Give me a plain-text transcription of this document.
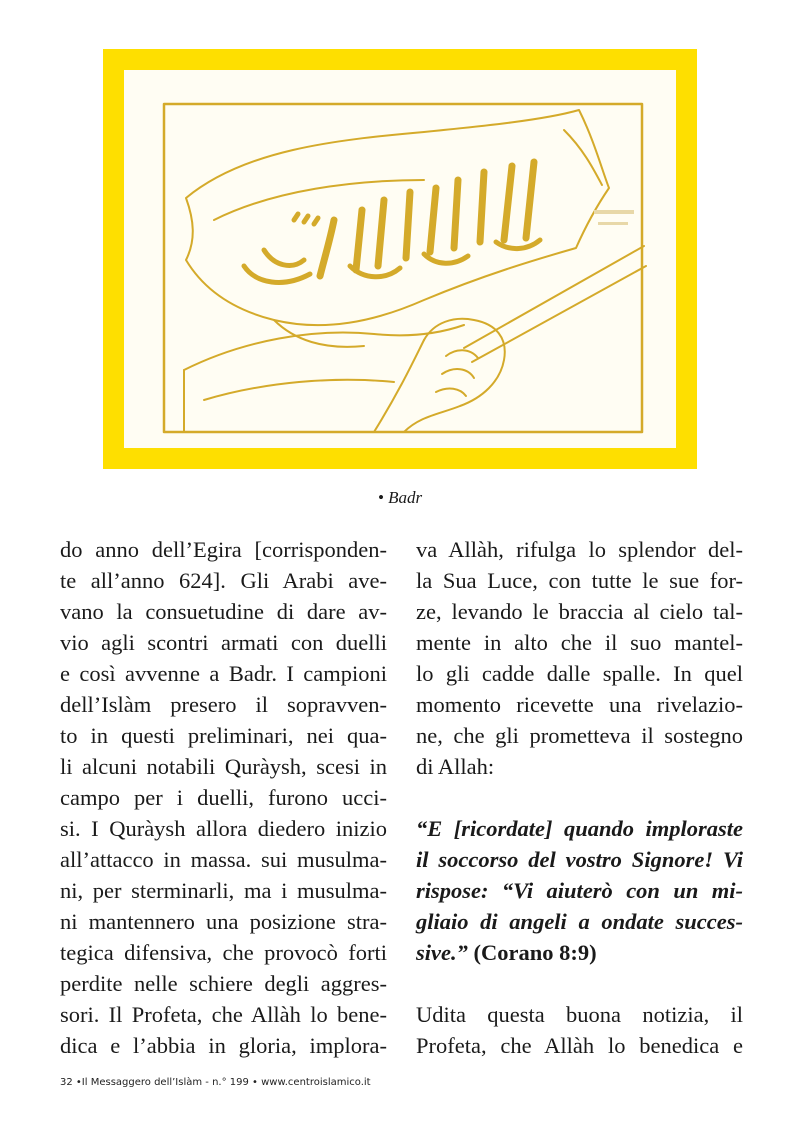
• Badr
do anno dell’Egira [corrisponden-
te all’anno 624]. Gli Arabi ave-
vano la consuetudine di dare av-
vio agli scontri armati con duelli
e così avvenne a Badr. I campioni
dell’Islàm presero il sopravven-
to in questi preliminari, nei qua-
li alcuni notabili Quràysh, scesi in
campo per i duelli, furono ucci-
si. I Quràysh allora diedero inizio
all’attacco in massa. sui musulma-
ni, per sterminarli, ma i musulma-
ni mantennero una posizione stra-
tegica difensiva, che provocò forti
perdite nelle schiere degli aggres-
sori. Il Profeta, che Allàh lo bene-
dica e l’abbia in gloria, implora-
va Allàh, rifulga lo splendor del-
la Sua Luce, con tutte le sue for-
ze, levando le braccia al cielo tal-
mente in alto che il suo mantel-
lo gli cadde dalle spalle. In quel
momento ricevette una rivelazio-
ne, che gli prometteva il sostegno
di Allah:
“E [ricordate] quando imploraste
il soccorso del vostro Signore! Vi
rispose: “Vi aiuterò con un mi-
gliaio di angeli a ondate succes-
sive.” (Corano 8:9)
Udita questa buona notizia, il
Profeta, che Allàh lo benedica e
32 •Il Messaggero dell’Islàm - n.° 199 • www.centroislamico.it
